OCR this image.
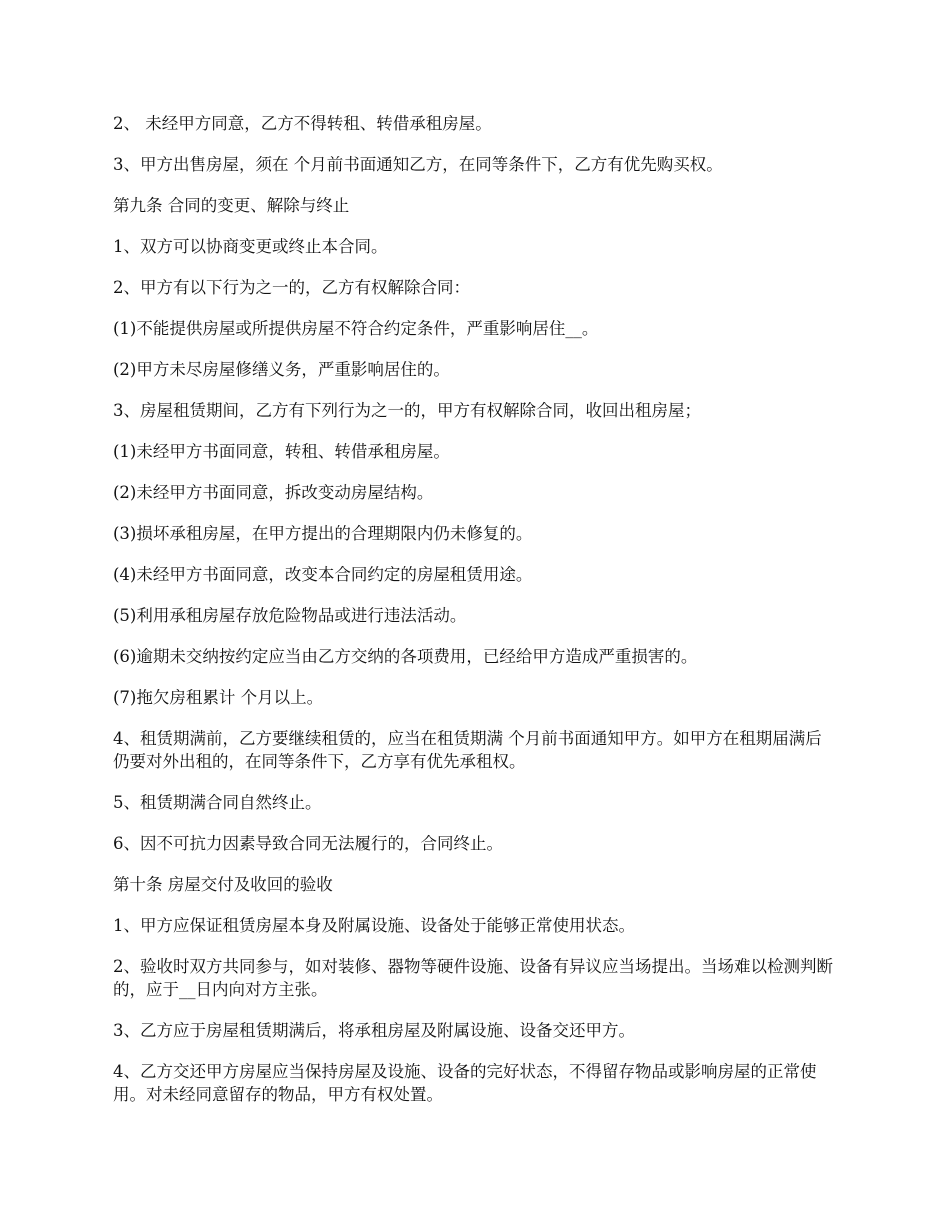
2、 未经甲方同意，乙方不得转租、转借承租房屋。

3、甲方出售房屋，须在 个月前书面通知乙方，在同等条件下，乙方有优先购买权。

第九条 合同的变更、解除与终止

1、双方可以协商变更或终止本合同。

2、甲方有以下行为之一的，乙方有权解除合同：

(1)不能提供房屋或所提供房屋不符合约定条件，严重影响居住__。

(2)甲方未尽房屋修缮义务，严重影响居住的。

3、房屋租赁期间，乙方有下列行为之一的，甲方有权解除合同，收回出租房屋；

(1)未经甲方书面同意，转租、转借承租房屋。

(2)未经甲方书面同意，拆改变动房屋结构。

(3)损坏承租房屋，在甲方提出的合理期限内仍未修复的。

(4)未经甲方书面同意，改变本合同约定的房屋租赁用途。

(5)利用承租房屋存放危险物品或进行违法活动。

(6)逾期未交纳按约定应当由乙方交纳的各项费用，已经给甲方造成严重损害的。

(7)拖欠房租累计 个月以上。

4、租赁期满前，乙方要继续租赁的，应当在租赁期满 个月前书面通知甲方。如甲方在租期届满后仍要对外出租的，在同等条件下，乙方享有优先承租权。

5、租赁期满合同自然终止。

6、因不可抗力因素导致合同无法履行的，合同终止。

第十条 房屋交付及收回的验收

1、甲方应保证租赁房屋本身及附属设施、设备处于能够正常使用状态。

2、验收时双方共同参与，如对装修、器物等硬件设施、设备有异议应当场提出。当场难以检测判断的，应于__日内向对方主张。

3、乙方应于房屋租赁期满后，将承租房屋及附属设施、设备交还甲方。

4、乙方交还甲方房屋应当保持房屋及设施、设备的完好状态，不得留存物品或影响房屋的正常使用。对未经同意留存的物品，甲方有权处置。
